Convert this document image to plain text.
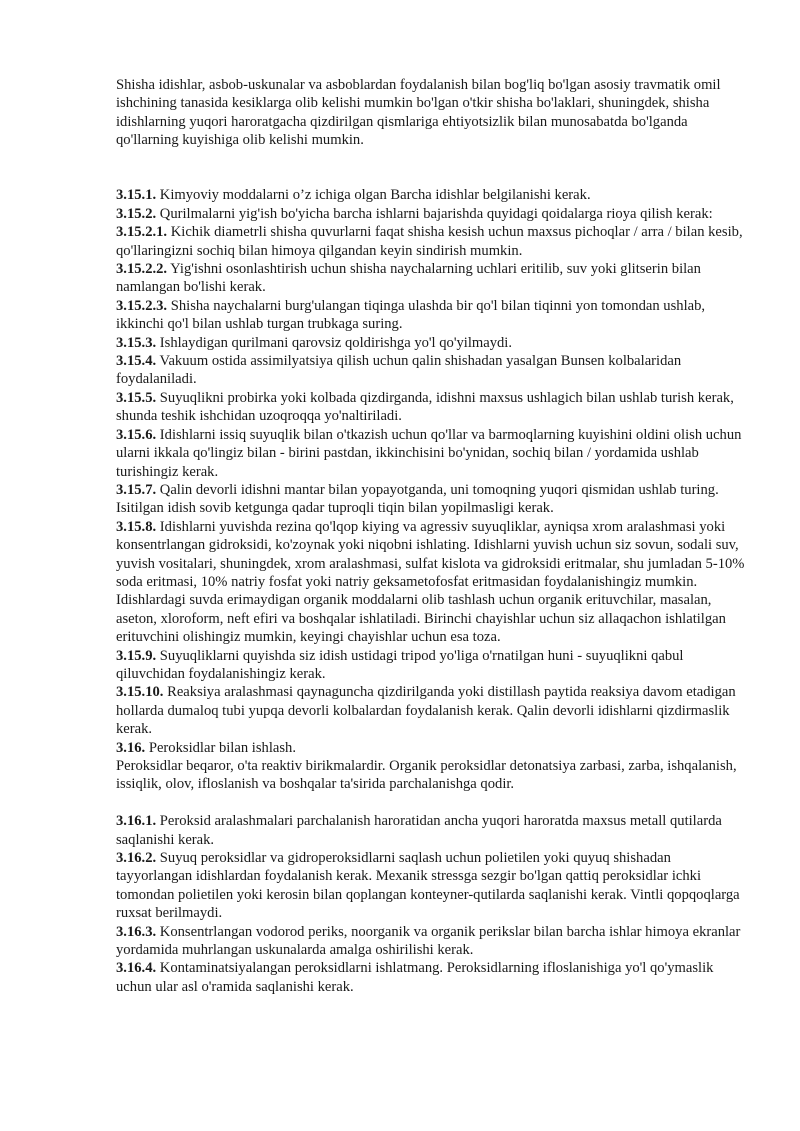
Shisha idishlar, asbob-uskunalar va asboblardan foydalanish bilan bog'liq bo'lgan asosiy travmatik omil ishchining tanasida kesiklarga olib kelishi mumkin bo'lgan o'tkir shisha bo'laklari, shuningdek, shisha idishlarning yuqori haroratgacha qizdirilgan qismlariga ehtiyotsizlik bilan munosabatda bo'lganda qo'llarning kuyishiga olib kelishi mumkin.

3.15.1. Kimyoviy moddalarni o’z ichiga olgan Barcha idishlar belgilanishi kerak.

3.15.2. Qurilmalarni yig'ish bo'yicha barcha ishlarni bajarishda quyidagi qoidalarga rioya qilish kerak:

3.15.2.1. Kichik diametrli shisha quvurlarni faqat shisha kesish uchun maxsus pichoqlar / arra / bilan kesib, qo'llaringizni sochiq bilan himoya qilgandan keyin sindirish mumkin.

3.15.2.2. Yig'ishni osonlashtirish uchun shisha naychalarning uchlari eritilib, suv yoki glitserin bilan namlangan bo'lishi kerak.

3.15.2.3. Shisha naychalarni burg'ulangan tiqinga ulashda bir qo'l bilan tiqinni yon tomondan ushlab, ikkinchi qo'l bilan ushlab turgan trubkaga suring.

3.15.3. Ishlaydigan qurilmani qarovsiz qoldirishga yo'l qo'yilmaydi.

3.15.4. Vakuum ostida assimilyatsiya qilish uchun qalin shishadan yasalgan Bunsen kolbalaridan foydalaniladi.

3.15.5. Suyuqlikni probirka yoki kolbada qizdirganda, idishni maxsus ushlagich bilan ushlab turish kerak, shunda teshik ishchidan uzoqroqqa yo'naltiriladi.

3.15.6. Idishlarni issiq suyuqlik bilan o'tkazish uchun qo'llar va barmoqlarning kuyishini oldini olish uchun ularni ikkala qo'lingiz bilan - birini pastdan, ikkinchisini bo'ynidan, sochiq bilan / yordamida ushlab turishingiz kerak.

3.15.7. Qalin devorli idishni mantar bilan yopayotganda, uni tomoqning yuqori qismidan ushlab turing. Isitilgan idish sovib ketgunga qadar tuproqli tiqin bilan yopilmasligi kerak.

3.15.8. Idishlarni yuvishda rezina qo'lqop kiying va agressiv suyuqliklar, ayniqsa xrom aralashmasi yoki konsentrlangan gidroksidi, ko'zoynak yoki niqobni ishlating. Idishlarni yuvish uchun siz sovun, sodali suv, yuvish vositalari, shuningdek, xrom aralashmasi, sulfat kislota va gidroksidi eritmalar, shu jumladan 5-10% soda eritmasi, 10% natriy fosfat yoki natriy geksametofosfat eritmasidan foydalanishingiz mumkin. Idishlardagi suvda erimaydigan organik moddalarni olib tashlash uchun organik erituvchilar, masalan, aseton, xloroform, neft efiri va boshqalar ishlatiladi. Birinchi chayishlar uchun siz allaqachon ishlatilgan erituvchini olishingiz mumkin, keyingi chayishlar uchun esa toza.

3.15.9. Suyuqliklarni quyishda siz idish ustidagi tripod yo'liga o'rnatilgan huni - suyuqlikni qabul qiluvchidan foydalanishingiz kerak.

3.15.10. Reaksiya aralashmasi qaynaguncha qizdirilganda yoki distillash paytida reaksiya davom etadigan hollarda dumaloq tubi yupqa devorli kolbalardan foydalanish kerak. Qalin devorli idishlarni qizdirmaslik kerak.

3.16. Peroksidlar bilan ishlash.

Peroksidlar beqaror, o'ta reaktiv birikmalardir. Organik peroksidlar detonatsiya zarbasi, zarba, ishqalanish, issiqlik, olov, ifloslanish va boshqalar ta'sirida parchalanishga qodir.

3.16.1. Peroksid aralashmalari parchalanish haroratidan ancha yuqori haroratda maxsus metall qutilarda saqlanishi kerak.

3.16.2. Suyuq peroksidlar va gidroperoksidlarni saqlash uchun polietilen yoki quyuq shishadan tayyorlangan idishlardan foydalanish kerak. Mexanik stressga sezgir bo'lgan qattiq peroksidlar ichki tomondan polietilen yoki kerosin bilan qoplangan konteyner-qutilarda saqlanishi kerak. Vintli qopqoqlarga ruxsat berilmaydi.

3.16.3. Konsentrlangan vodorod periks, noorganik va organik perikslar bilan barcha ishlar himoya ekranlar yordamida muhrlangan uskunalarda amalga oshirilishi kerak.

3.16.4. Kontaminatsiyalangan peroksidlarni ishlatmang. Peroksidlarning ifloslanishiga yo'l qo'ymaslik uchun ular asl o'ramida saqlanishi kerak.
